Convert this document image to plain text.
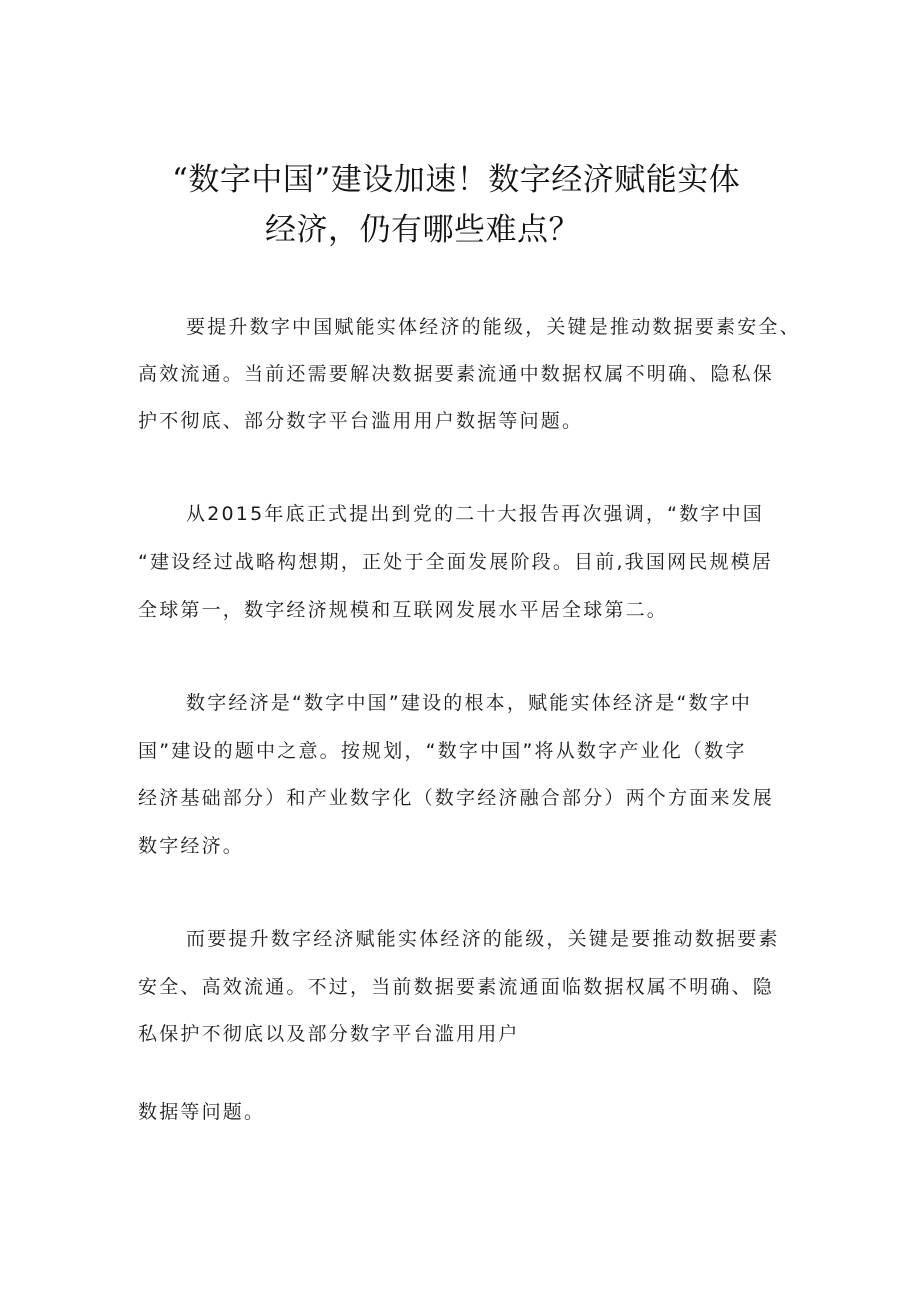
“数字中国”建设加速！数字经济赋能实体
经济，仍有哪些难点？
要提升数字中国赋能实体经济的能级，关键是推动数据要素安全、
高效流通。当前还需要解决数据要素流通中数据权属不明确、隐私保
护不彻底、部分数字平台滥用用户数据等问题。
从2015年底正式提出到党的二十大报告再次强调，“数字中国
“建设经过战略构想期，正处于全面发展阶段。目前,我国网民规模居
全球第一，数字经济规模和互联网发展水平居全球第二。
数字经济是“数字中国”建设的根本，赋能实体经济是“数字中
国”建设的题中之意。按规划，“数字中国”将从数字产业化（数字
经济基础部分）和产业数字化（数字经济融合部分）两个方面来发展
数字经济。
而要提升数字经济赋能实体经济的能级，关键是要推动数据要素
安全、高效流通。不过，当前数据要素流通面临数据权属不明确、隐
私保护不彻底以及部分数字平台滥用用户
数据等问题。
